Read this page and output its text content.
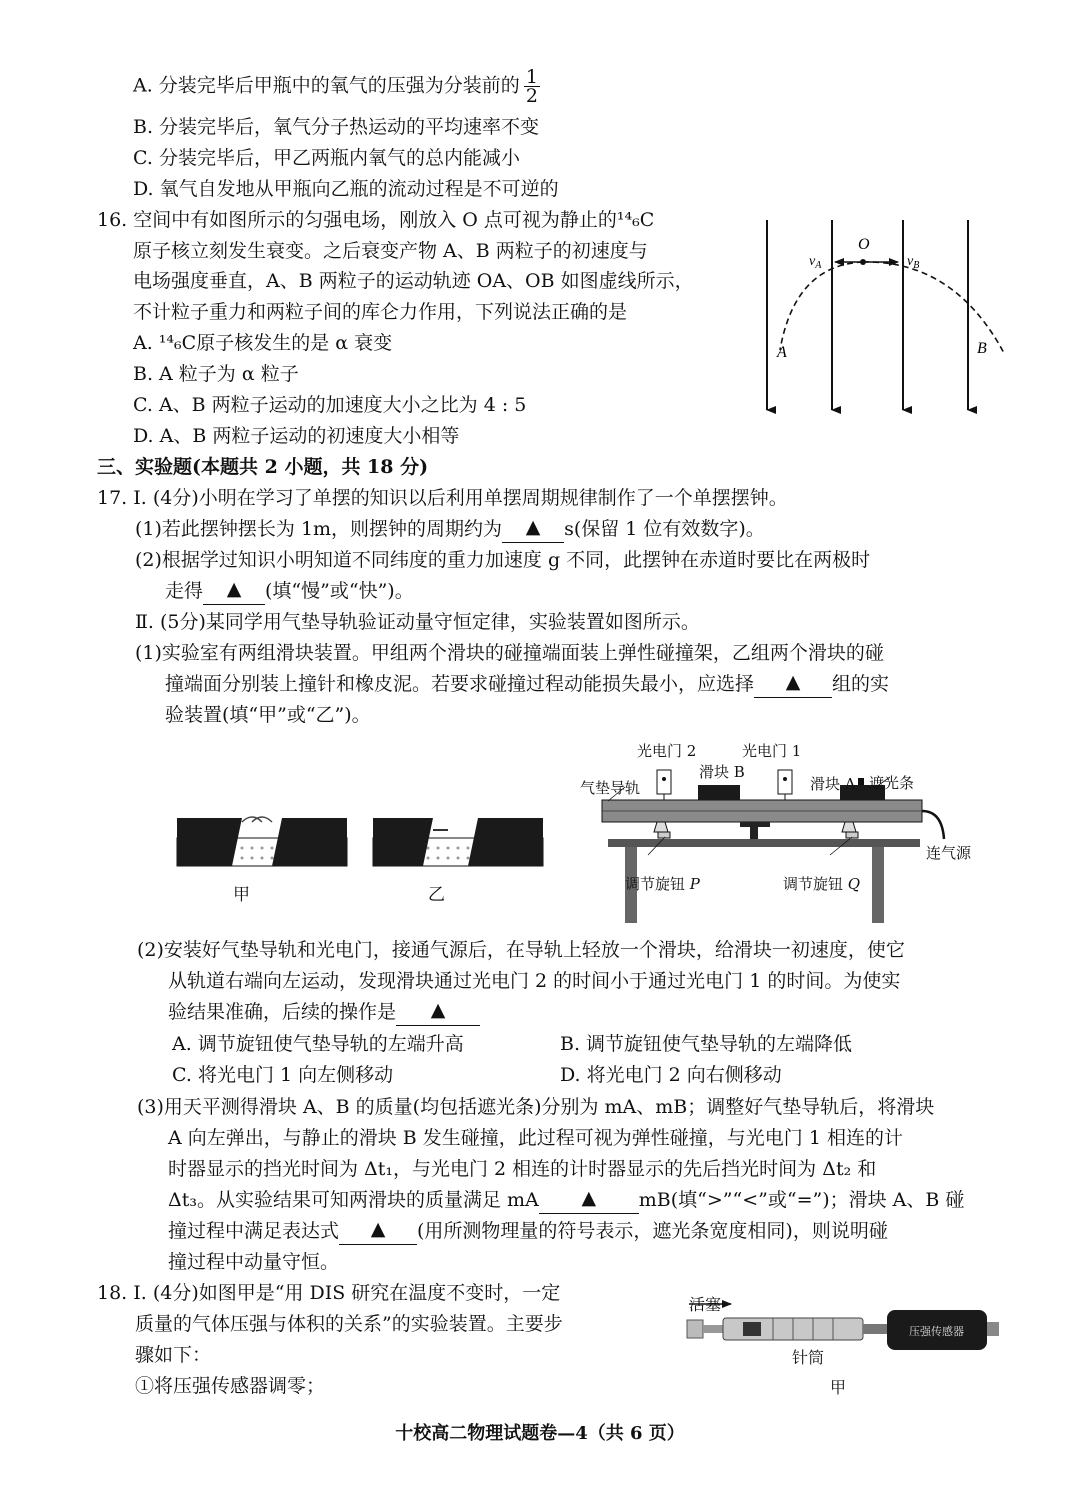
A. 分装完毕后甲瓶中的氧气的压强为分装前的 $\frac{1}{2}$
B. 分装完毕后，氧气分子热运动的平均速率不变
C. 分装完毕后，甲乙两瓶内氧气的总内能减小
D. 氧气自发地从甲瓶向乙瓶的流动过程是不可逆的
16. 空间中有如图所示的匀强电场，刚放入 O 点可视为静止的¹⁴₆C
原子核立刻发生衰变。之后衰变产物 A、B 两粒子的初速度与
电场强度垂直，A、B 两粒子的运动轨迹 OA、OB 如图虚线所示，
不计粒子重力和两粒子间的库仑力作用，下列说法正确的是
A. ¹⁴₆C原子核发生的是 α 衰变
B. A 粒子为 α 粒子
C. A、B 两粒子运动的加速度大小之比为 4 : 5
D. A、B 两粒子运动的初速度大小相等
O
$v_A$	$v_B$
A	B
三、实验题(本题共 2 小题，共 18 分)
17. Ⅰ. (4分)小明在学习了单摆的知识以后利用单摆周期规律制作了一个单摆摆钟。
(1)若此摆钟摆长为 1m，则摆钟的周期约为 ▲ s(保留 1 位有效数字)。
(2)根据学过知识小明知道不同纬度的重力加速度 g 不同，此摆钟在赤道时要比在两极时
走得 ▲ (填“慢”或“快”)。
Ⅱ. (5分)某同学用气垫导轨验证动量守恒定律，实验装置如图所示。
(1)实验室有两组滑块装置。甲组两个滑块的碰撞端面装上弹性碰撞架，乙组两个滑块的碰
撞端面分别装上撞针和橡皮泥。若要求碰撞过程动能损失最小，应选择 ▲ 组的实
验装置(填“甲”或“乙”)。
甲	乙
光电门 2	光电门 1
滑块 B
滑块 A 遮光条
气垫导轨
连气源
调节旋钮 P	调节旋钮 Q
(2)安装好气垫导轨和光电门，接通气源后，在导轨上轻放一个滑块，给滑块一初速度，使它
从轨道右端向左运动，发现滑块通过光电门 2 的时间小于通过光电门 1 的时间。为使实
验结果准确，后续的操作是 ▲
A. 调节旋钮使气垫导轨的左端升高	B. 调节旋钮使气垫导轨的左端降低
C. 将光电门 1 向左侧移动	D. 将光电门 2 向右侧移动
(3)用天平测得滑块 A、B 的质量(均包括遮光条)分别为 mA、mB；调整好气垫导轨后，将滑块
A 向左弹出，与静止的滑块 B 发生碰撞，此过程可视为弹性碰撞，与光电门 1 相连的计
时器显示的挡光时间为 Δt₁，与光电门 2 相连的计时器显示的先后挡光时间为 Δt₂ 和
Δt₃。从实验结果可知两滑块的质量满足 mA ▲ mB(填“>”“<”或“=”)；滑块 A、B 碰
撞过程中满足表达式 ▲ (用所测物理量的符号表示，遮光条宽度相同)，则说明碰
撞过程中动量守恒。
18. Ⅰ. (4分)如图甲是“用 DIS 研究在温度不变时，一定
质量的气体压强与体积的关系”的实验装置。主要步
骤如下：
①将压强传感器调零；
压强传感器
活塞
针筒
甲
十校高二物理试题卷—4（共 6 页）
